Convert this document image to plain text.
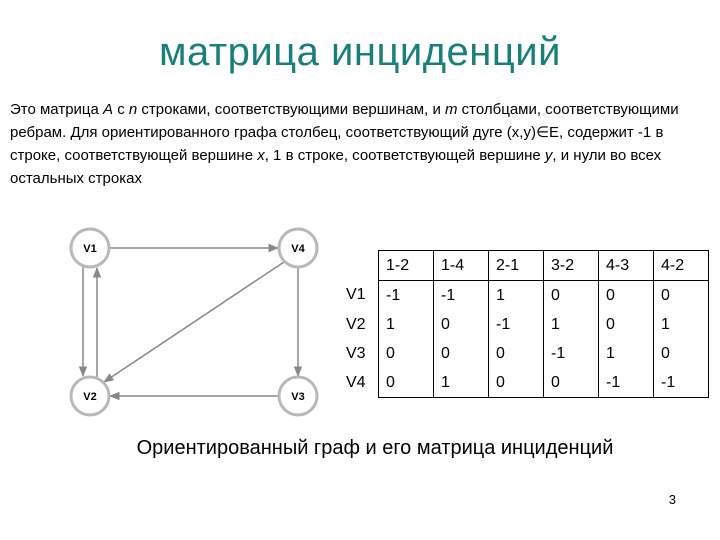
матрица инциденций
Это матрица A с n строками, соответствующими вершинам, и m столбцами, соответствующими ребрам. Для ориентированного графа столбец, соответствующий дуге (x,y)∈E, содержит -1 в строке, соответствующей вершине x, 1 в строке, соответствующей вершине y, и нули во всех остальных строках
V1	V4
V2	V3
	1-2	1-4	2-1	3-2	4-3	4-2
V1	-1	-1	1	0	0	0
V2	1	0	-1	1	0	1
V3	0	0	0	-1	1	0
V4	0	1	0	0	-1	-1
Ориентированный граф и его матрица инциденций
3
